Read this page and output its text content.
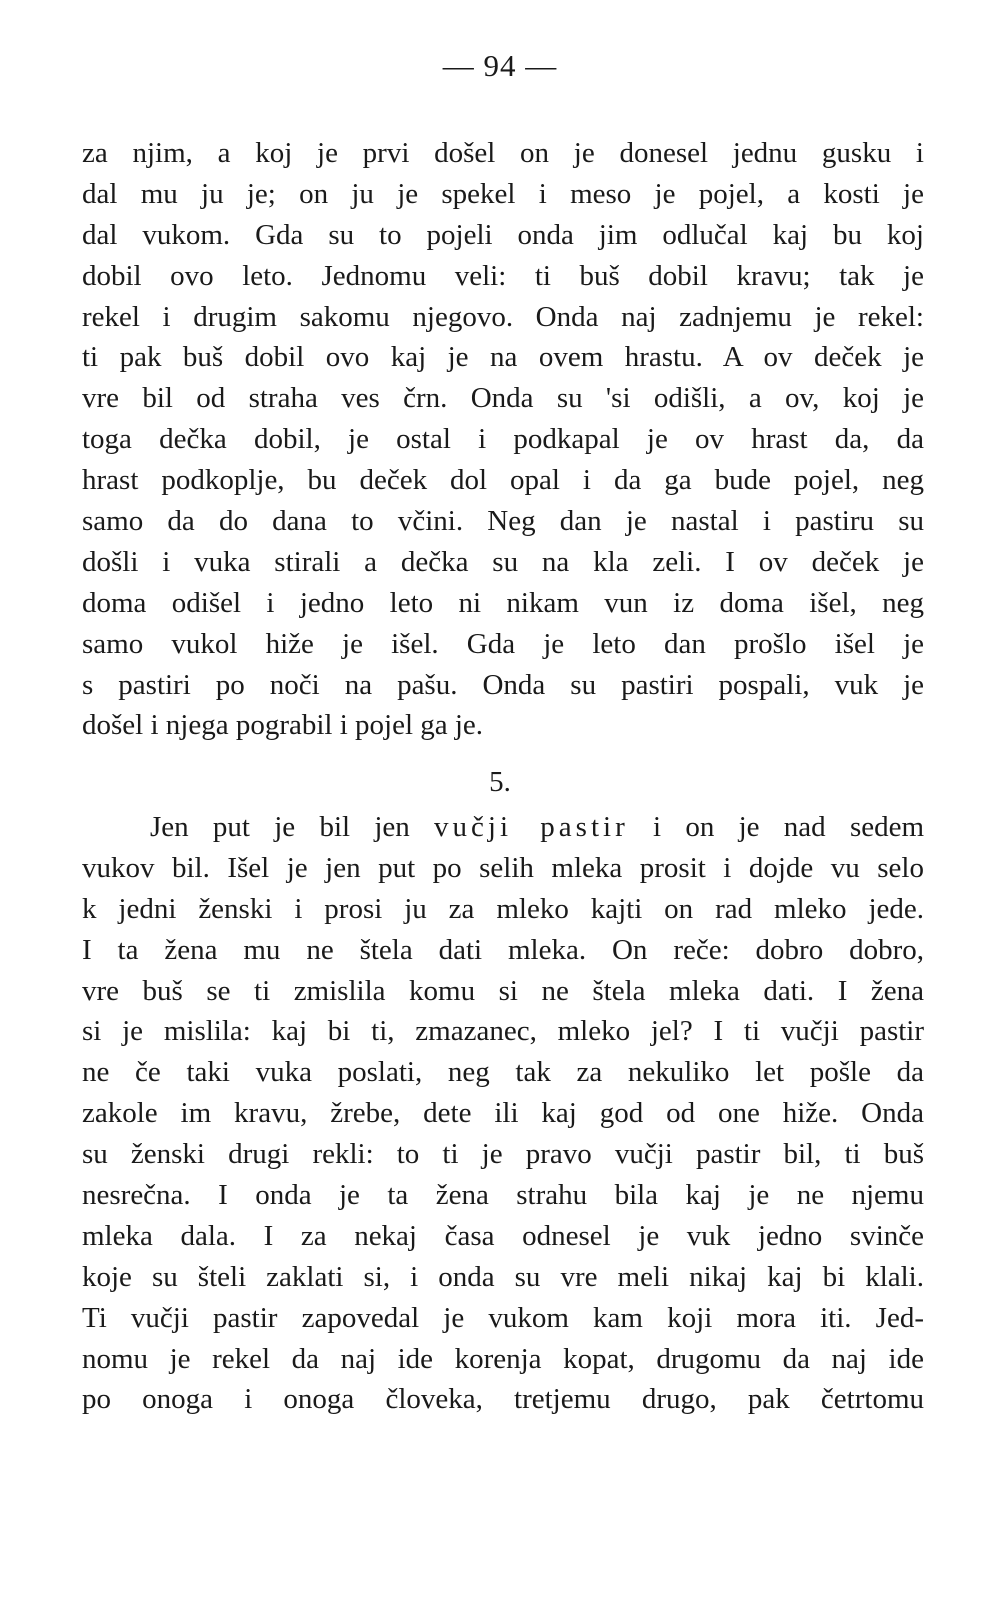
— 94 —
za njim, a koj je prvi došel on je donesel jednu gusku i
dal mu ju je; on ju je spekel i meso je pojel, a kosti je
dal vukom. Gda su to pojeli onda jim odlučal kaj bu koj
dobil ovo leto. Jednomu veli: ti buš dobil kravu; tak je
rekel i drugim sakomu njegovo. Onda naj zadnjemu je rekel:
ti pak buš dobil ovo kaj je na ovem hrastu. A ov deček je
vre bil od straha ves črn. Onda su 'si odišli, a ov, koj je
toga dečka dobil, je ostal i podkapal je ov hrast da, da
hrast podkoplje, bu deček dol opal i da ga bude pojel, neg
samo da do dana to včini. Neg dan je nastal i pastiru su
došli i vuka stirali a dečka su na kla zeli. I ov deček je
doma odišel i jedno leto ni nikam vun iz doma išel, neg
samo vukol hiže je išel. Gda je leto dan prošlo išel je
s pastiri po noči na pašu. Onda su pastiri pospali, vuk je
došel i njega pograbil i pojel ga je.
5.
Jen put je bil jen vučji pastir i on je nad sedem
vukov bil. Išel je jen put po selih mleka prosit i dojde vu selo
k jedni ženski i prosi ju za mleko kajti on rad mleko jede.
I ta žena mu ne štela dati mleka. On reče: dobro dobro,
vre buš se ti zmislila komu si ne štela mleka dati. I žena
si je mislila: kaj bi ti, zmazanec, mleko jel? I ti vučji pastir
ne če taki vuka poslati, neg tak za nekuliko let pošle da
zakole im kravu, žrebe, dete ili kaj god od one hiže. Onda
su ženski drugi rekli: to ti je pravo vučji pastir bil, ti buš
nesrečna. I onda je ta žena strahu bila kaj je ne njemu
mleka dala. I za nekaj časa odnesel je vuk jedno svinče
koje su šteli zaklati si, i onda su vre meli nikaj kaj bi klali.
Ti vučji pastir zapovedal je vukom kam koji mora iti. Jed-
nomu je rekel da naj ide korenja kopat, drugomu da naj ide
po onoga i onoga človeka, tretjemu drugo, pak četrtomu
